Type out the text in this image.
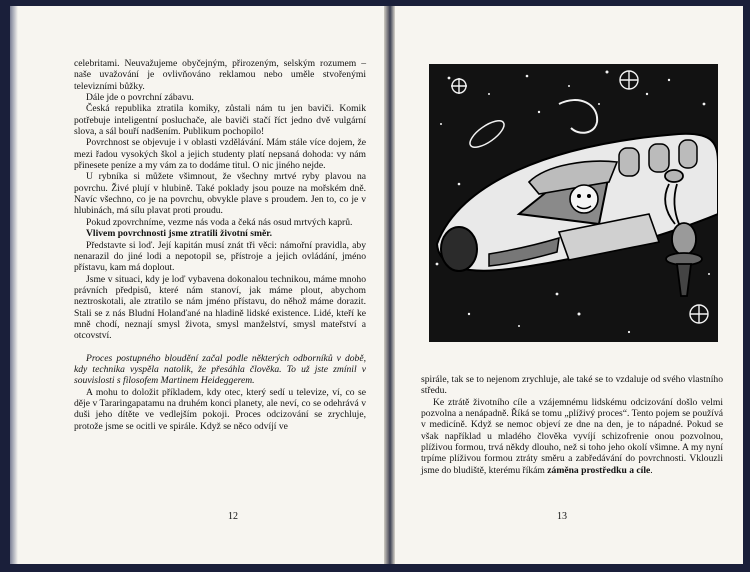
celebritami. Neuvažujeme obyčejným, přirozeným, selským rozumem – naše uvažování je ovlivňováno reklamou nebo uměle stvořenými televizními bůžky.

Dále jde o povrchní zábavu.

Česká republika ztratila komiky, zůstali nám tu jen baviči. Komik potřebuje inteligentní posluchače, ale baviči stačí říct jedno dvě vulgární slova, a sál bouří nadšením. Publikum pochopilo!

Povrchnost se objevuje i v oblasti vzdělávání. Mám stále více dojem, že mezi řadou vysokých škol a jejich studenty platí nepsaná dohoda: vy nám přinesete peníze a my vám za to dodáme titul. O nic jiného nejde.

U rybníka si můžete všimnout, že všechny mrtvé ryby plavou na povrchu. Živé plují v hlubině. Také poklady jsou pouze na mořském dně. Navíc všechno, co je na povrchu, obvykle plave s proudem. Jen to, co je v hlubinách, má sílu plavat proti proudu.

Pokud zpovrchníme, vezme nás voda a čeká nás osud mrtvých kaprů.

Vlivem povrchnosti jsme ztratili životní směr.

Představte si loď. Její kapitán musí znát tři věci: námořní pravidla, aby nenarazil do jiné lodi a nepotopil se, přístroje a jejich ovládání, jméno přístavu, kam má doplout.

Jsme v situaci, kdy je loď vybavena dokonalou technikou, máme mnoho právních předpisů, které nám stanoví, jak máme plout, abychom neztroskotali, ale ztratilo se nám jméno přístavu, do něhož máme dorazit. Stali se z nás Bludní Holanďané na hladině lidské existence. Lidé, kteří ke mně chodí, neznají smysl života, smysl manželství, smysl mateřství a otcovství.

Proces postupného bloudění začal podle některých odborníků v době, kdy technika vyspěla natolik, že přesáhla člověka. To už jste zmínil v souvislosti s filosofem Martinem Heideggerem.

A mohu to doložit příkladem, kdy otec, který sedí u televize, ví, co se děje v Tararingapatamu na druhém konci planety, ale neví, co se odehrává v duši jeho dítěte ve vedlejším pokoji. Proces odcizování se zrychluje, protože jsme se ocitli ve spirále. Když se něco odvíjí ve

12

spirále, tak se to nejenom zrychluje, ale také se to vzdaluje od svého vlastního středu.

Ke ztrátě životního cíle a vzájemnému lidskému odcizování došlo velmi pozvolna a nenápadně. Říká se tomu „plíživý proces“. Tento pojem se používá v medicíně. Když se nemoc objeví ze dne na den, je to nápadné. Pokud se však například u mladého člověka vyvíjí schizofrenie onou pozvolnou, plíživou formou, trvá někdy dlouho, než si toho jeho okolí všimne. A my nyní trpíme plíživou formou ztráty směru a zabředávání do povrchnosti. Vklouzli jsme do bludiště, kterému říkám záměna prostředku a cíle.

13
